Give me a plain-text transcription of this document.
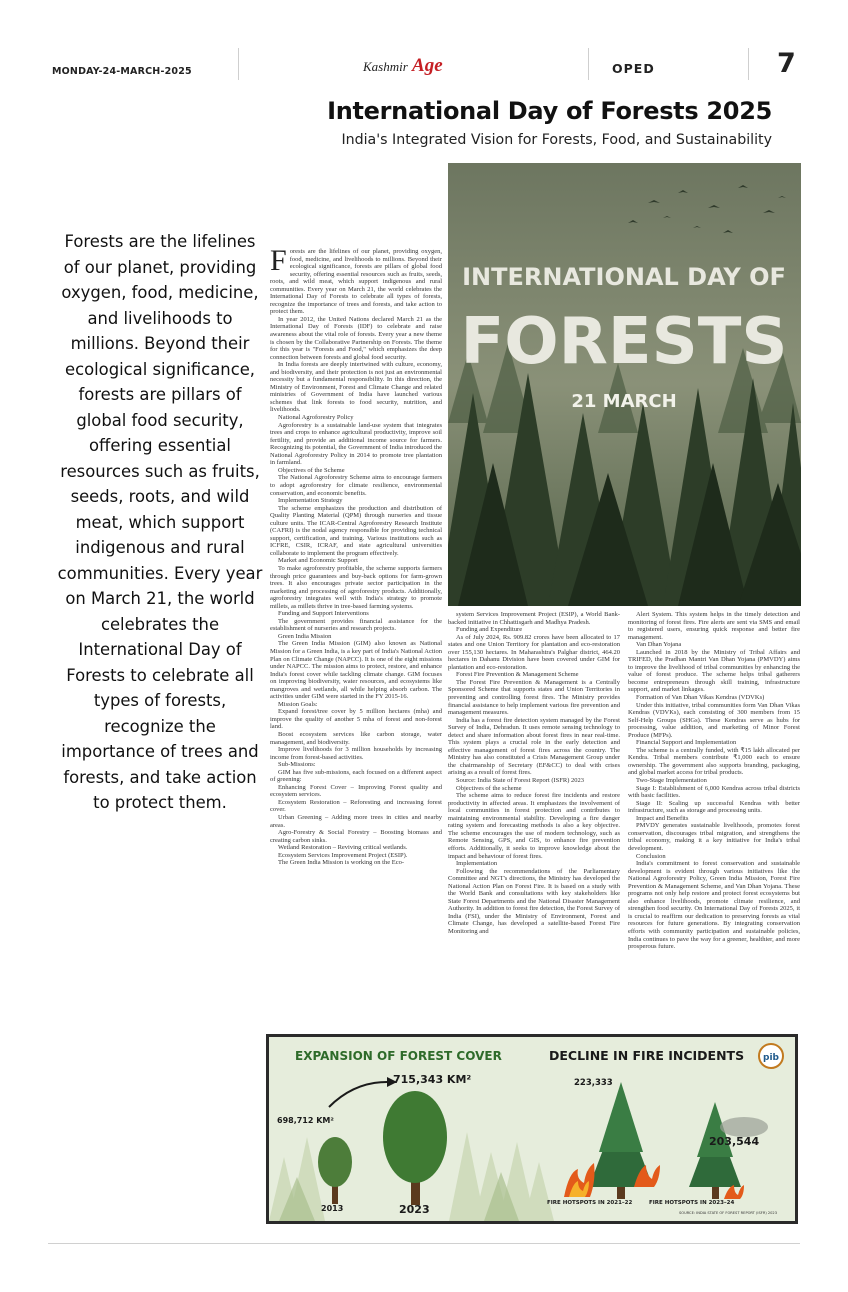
MONDAY-24-MARCH-2025	Kashmir Age	OPED	7
International Day of Forests 2025
India's Integrated Vision for Forests, Food, and Sustainability
Forests are the lifelines of our planet, providing oxygen, food, medicine, and livelihoods to millions. Beyond their ecological significance, forests are pillars of global food security, offering essential resources such as fruits, seeds, roots, and wild meat, which support indigenous and rural communities. Every year on March 21, the world celebrates the International Day of Forests to celebrate all types of forests, recognize the importance of trees and forests, and take action to protect them.
F orests are the lifelines of our planet, providing oxygen, food, medicine, and livelihoods to millions. Beyond their ecological significance, forests are pillars of global food security, offering essential resources such as fruits, seeds, roots, and wild meat, which support indigenous and rural communities. Every year on March 21, the world celebrates the International Day of Forests to celebrate all types of forests, recognize the importance of trees and forests, and take action to protect them.

In year 2012, the United Nations declared March 21 as the International Day of Forests (IDF) to celebrate and raise awareness about the vital role of forests. Every year a new theme is chosen by the Collaborative Partnership on Forests. The theme for this year is "Forests and Food," which emphasizes the deep connection between forests and global food security.

In India forests are deeply intertwined with culture, economy, and biodiversity, and their protection is not just an environmental necessity but a fundamental responsibility. In this direction, the Ministry of Environment, Forest and Climate Change and related ministries of Government of India have launched various schemes that link forests to food security, nutrition, and livelihoods.

National Agroforestry Policy

Agroforestry is a sustainable land-use system that integrates trees and crops to enhance agricultural productivity, improve soil fertility, and provide an additional income source for farmers. Recognizing its potential, the Government of India introduced the National Agroforestry Policy in 2014 to promote tree plantation in farmland.

Objectives of the Scheme

The National Agroforestry Scheme aims to encourage farmers to adopt agroforestry for climate resilience, environmental conservation, and economic benefits.

Implementation Strategy

The scheme emphasizes the production and distribution of Quality Planting Material (QPM) through nurseries and tissue culture units. The ICAR-Central Agroforestry Research Institute (CAFRI) is the nodal agency responsible for providing technical support, certification, and training. Various institutions such as ICFRE, CSIR, ICRAF, and state agricultural universities collaborate to implement the program effectively.

Market and Economic Support

To make agroforestry profitable, the scheme supports farmers through price guarantees and buy-back options for farm-grown trees. It also encourages private sector participation in the marketing and processing of agroforestry products. Additionally, agroforestry integrates well with India's strategy to promote millets, as millets thrive in tree-based farming systems.

Funding and Support Interventions

The government provides financial assistance for the establishment of nurseries and research projects.

Green India Mission

The Green India Mission (GIM) also known as National Mission for a Green India, is a key part of India's National Action Plan on Climate Change (NAPCC). It is one of the eight missions under NAPCC. The mission aims to protect, restore, and enhance India's forest cover while tackling climate change. GIM focuses on improving biodiversity, water resources, and ecosystems like mangroves and wetlands, all while helping absorb carbon. The activities under GIM were started in the FY 2015-16.

Mission Goals:

Expand forest/tree cover by 5 million hectares (mha) and improve the quality of another 5 mha of forest and non-forest land.

Boost ecosystem services like carbon storage, water management, and biodiversity.

Improve livelihoods for 3 million households by increasing income from forest-based activities.

Sub-Missions:

GIM has five sub-missions, each focused on a different aspect of greening:

Enhancing Forest Cover – Improving Forest quality and ecosystem services.

Ecosystem Restoration – Reforesting and increasing forest cover.

Urban Greening – Adding more trees in cities and nearby areas.

Agro-Forestry & Social Forestry – Boosting biomass and creating carbon sinks.

Wetland Restoration – Reviving critical wetlands.

Ecosystem Services Improvement Project (ESIP).

The Green India Mission is working on the Eco-

INTERNATIONAL DAY OF
FORESTS
21 MARCH

system Services Improvement Project (ESIP), a World Bank-backed initiative in Chhattisgarh and Madhya Pradesh.

Funding and Expenditure

As of July 2024, Rs. 909.82 crores have been allocated to 17 states and one Union Territory for plantation and eco-restoration over 155,130 hectares. In Maharashtra's Palghar district, 464.20 hectares in Dahanu Division have been covered under GIM for plantation and eco-restoration.

Forest Fire Prevention & Management Scheme

The Forest Fire Prevention & Management is a Centrally Sponsored Scheme that supports states and Union Territories in preventing and controlling forest fires. The Ministry provides financial assistance to help implement various fire prevention and management measures.

India has a forest fire detection system managed by the Forest Survey of India, Dehradun. It uses remote sensing technology to detect and share information about forest fires in near real-time. This system plays a crucial role in the early detection and effective management of forest fires across the country. The Ministry has also constituted a Crisis Management Group under the chairmanship of Secretary (EF&CC) to deal with crises arising as a result of forest fires.

Source: India State of Forest Report (ISFR) 2023

Objectives of the scheme

The scheme aims to reduce forest fire incidents and restore productivity in affected areas. It emphasizes the involvement of local communities in forest protection and contributes to maintaining environmental stability. Developing a fire danger rating system and forecasting methods is also a key objective. The scheme encourages the use of modern technology, such as Remote Sensing, GPS, and GIS, to enhance fire prevention efforts. Additionally, it seeks to improve knowledge about the impact and behaviour of forest fires.

Implementation

Following the recommendations of the Parliamentary Committee and NGT's directions, the Ministry has developed the National Action Plan on Forest Fire. It is based on a study with the World Bank and consultations with key stakeholders like State Forest Departments and the National Disaster Management Authority. In addition to forest fire detection, the Forest Survey of India (FSI), under the Ministry of Environment, Forest and Climate Change, has developed a satellite-based Forest Fire Monitoring and

Alert System. This system helps in the timely detection and monitoring of forest fires. Fire alerts are sent via SMS and email to registered users, ensuring quick response and better fire management.

Van Dhan Yojana

Launched in 2018 by the Ministry of Tribal Affairs and TRIFED, the Pradhan Mantri Van Dhan Yojana (PMVDY) aims to improve the livelihood of tribal communities by enhancing the value of forest produce. The scheme helps tribal gatherers become entrepreneurs through skill training, infrastructure support, and market linkages.

Formation of Van Dhan Vikas Kendras (VDVKs)

Under this initiative, tribal communities form Van Dhan Vikas Kendras (VDVKs), each consisting of 300 members from 15 Self-Help Groups (SHGs). These Kendras serve as hubs for processing, value addition, and marketing of Minor Forest Produce (MFPs).

Financial Support and Implementation

The scheme is a centrally funded, with ₹15 lakh allocated per Kendra. Tribal members contribute ₹1,000 each to ensure ownership. The government also supports branding, packaging, and global market access for tribal products.

Two-Stage Implementation

Stage I: Establishment of 6,000 Kendras across tribal districts with basic facilities.

Stage II: Scaling up successful Kendras with better infrastructure, such as storage and processing units.

Impact and Benefits

PMVDY generates sustainable livelihoods, promotes forest conservation, discourages tribal migration, and strengthens the tribal economy, making it a key initiative for India's tribal development.

Conclusion

India's commitment to forest conservation and sustainable development is evident through various initiatives like the National Agroforestry Policy, Green India Mission, Forest Fire Prevention & Management Scheme, and Van Dhan Yojana. These programs not only help restore and protect forest ecosystems but also enhance livelihoods, promote climate resilience, and strengthen food security. On International Day of Forests 2025, it is crucial to reaffirm our dedication to preserving forests as vital resources for future generations. By integrating conservation efforts with community participation and sustainable policies, India continues to pave the way for a greener, healthier, and more prosperous future.

EXPANSION OF FOREST COVER	DECLINE IN FIRE INCIDENTS pib
698,712 KM²
715,343 KM²
2013	2023
223,333
203,544
FIRE HOTSPOTS IN 2021–22	FIRE HOTSPOTS IN 2023–24
SOURCE: INDIA STATE OF FOREST REPORT (ISFR) 2023
